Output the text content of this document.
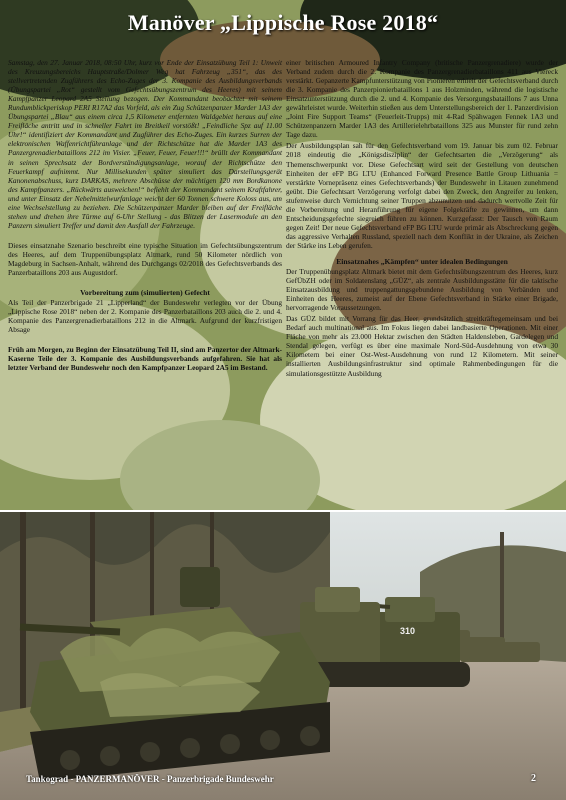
Manöver „Lippische Rose 2018“

Samstag, den 27. Januar 2018, 08:50 Uhr, kurz vor Ende der Einsatzübung Teil 1: Unweit des Kreuzungsbereichs Hauptstraße/Dolmer Weg hat Fahrzeug „351“, das des stellvertretenden Zugführers des Echo-Zuges der 3. Kompanie des Ausbildungsverbands (Übungspartei „Rot“ gestellt vom Gefechtsübungszentrum des Heeres) mit seinem Kampfpanzer Leopard 2A5 Stellung bezogen. Der Kommandant beobachtet mit seinem Rundumblickperiskop PERI R17A2 das Vorfeld, als ein Zug Schützenpanzer Marder 1A3 der Übungspartei „Blau“ aus einem circa 1,5 Kilometer entfernten Waldgebiet heraus auf eine Freifläche antritt und in schneller Fahrt im Breitkeil vorstößt! „Feindliche Spz auf 11.00 Uhr!“ identifiziert der Kommandant und Zugführer des Echo-Zuges. Ein kurzes Surren der elektronischen Waffenrichtführanlage und der Richtschütze hat die Marder 1A3 des Panzergrenadierbataillons 212 im Visier. „Feuer, Feuer, Feuer!!!“ brüllt der Kommandant in seinen Sprechsatz der Bordverständigungsanlage, worauf der Richtschütze den Feuerkampf aufnimmt. Nur Millisekunden später simuliert das Darstellungsgerät Kanonenabschuss, kurz DARKAS, mehrere Abschüsse der mächtigen 120 mm Bordkanone des Kampfpanzers. „Rückwärts ausweichen!“ befiehlt der Kommandant seinem Kraftfahrer, und unter Einsatz der Nebelmittelwurfanlage weicht der 60 Tonnen schwere Koloss aus, um eine Wechselstellung zu beziehen. Die Schützenpanzer Marder bleiben auf der Freifläche stehen und drehen ihre Türme auf 6-Uhr Stellung - das Blitzen der Lasermodule an den Panzern simuliert Treffer und damit den Ausfall der Fahrzeuge.

Dieses einsatznahe Szenario beschreibt eine typische Situation im Gefechtsübungszentrum des Heeres, auf dem Truppenübungsplatz Altmark, rund 50 Kilometer nördlich von Magdeburg in Sachsen-Anhalt, während des Durchgangs 02/2018 des Gefechtsverbands des Panzerbataillons 203 aus Augustdorf.

Vorbereitung zum (simulierten) Gefecht

Als Teil der Panzerbrigade 21 „Lipperland“ der Bundeswehr verlegten vor der Übung „Lippische Rose 2018“ neben der 2. Kompanie des Panzerbataillons 203 auch die 2. und 4. Kompanie des Panzergrenadierbataillons 212 in die Altmark. Aufgrund der kurzfristigen Absage

Früh am Morgen, zu Beginn der Einsatzübung Teil II, sind am Panzertor der Altmark-Kaserne Teile der 3. Kompanie des Ausbildungsverbands aufgefahren. Sie hat als letzter Verband der Bundeswehr noch den Kampfpanzer Leopard 2A5 im Bestand.

einer britischen Armoured Infantry Company (britische Panzergrenadiere) wurde der Verband zudem durch die 2. Kompanie des Panzergrenadierbataillons 411 aus Viereck verstärkt. Gepanzerte Kampfunterstützung von Pionieren erhielt der Gefechtsverband durch die 3. Kompanie des Panzerpionierbataillons 1 aus Holzminden, während die logistische Einsatzunterstützung durch die 2. und 4. Kompanie des Versorgungsbataillons 7 aus Unna gewährleistet wurde. Weiterhin stießen aus dem Unterstellungsbereich der 1. Panzerdivision „Joint Fire Support Teams“ (Feuerleit-Trupps) mit 4-Rad Spähwagen Fennek 1A3 und Schützenpanzern Marder 1A3 des Artillerielehrbataillons 325 aus Munster für rund zehn Tage dazu.

Der Ausbildungsplan sah für den Gefechtsverband vom 19. Januar bis zum 02. Februar 2018 eindeutig die „Königsdisziplin“ der Gefechtsarten die „Verzögerung“ als Themenschwerpunkt vor. Diese Gefechtsart wird seit der Gestellung von deutschen Einheiten der eFP BG LTU (Enhanced Forward Presence Battle Group Lithuania = verstärkte Vornepräsenz eines Gefechtsverbands) der Bundeswehr in Litauen zunehmend geübt. Die Gefechtsart Verzögerung verfolgt dabei den Zweck, den Angreifer zu lenken, stufenweise durch Vernichtung seiner Truppen abzunutzen und dadurch wertvolle Zeit für die Vorbereitung und Heranführung für eigene Folgekräfte zu gewinnen, um dann Entscheidungsgefechte siegreich führen zu können. Kurzgefasst: Der Tausch von Raum gegen Zeit! Der neue Gefechtsverband eFP BG LTU wurde primär als Abschreckung gegen das aggressive Verhalten Russland, speziell nach dem Konflikt in der Ukraine, als Zeichen der Stärke ins Leben gerufen.

Einsatznahes „Kämpfen“ unter idealen Bedingungen

Der Truppenübungsplatz Altmark bietet mit dem Gefechtsübungszentrum des Heeres, kurz GefÜbZH oder im Soldatenslang „GÜZ“, als zentrale Ausbildungsstätte für die taktische Einsatzausbildung und truppengattungsgebundene Ausbildung von Verbänden und Einheiten des Heeres, zumeist auf der Ebene Gefechtsverband in Stärke einer Brigade, hervorragende Voraussetzungen.

Das GÜZ bildet mit Vorrang für das Heer, grundsätzlich streitkräftegemeinsam und bei Bedarf auch multinational aus. Im Fokus liegen dabei landbasierte Operationen. Mit einer Fläche von mehr als 23.000 Hektar zwischen den Städten Haldensleben, Gardelegen und Stendal gelegen, verfügt es über eine maximale Nord-Süd-Ausdehnung von etwa 30 Kilometern bei einer Ost-West-Ausdehnung von rund 12 Kilometern. Mit seiner installierten Ausbildungsinfrastruktur sind optimale Rahmenbedingungen für die simulationsgestützte Ausbildung

310
Tankograd - PANZERMANÖVER - Panzerbrigade Bundeswehr	2
